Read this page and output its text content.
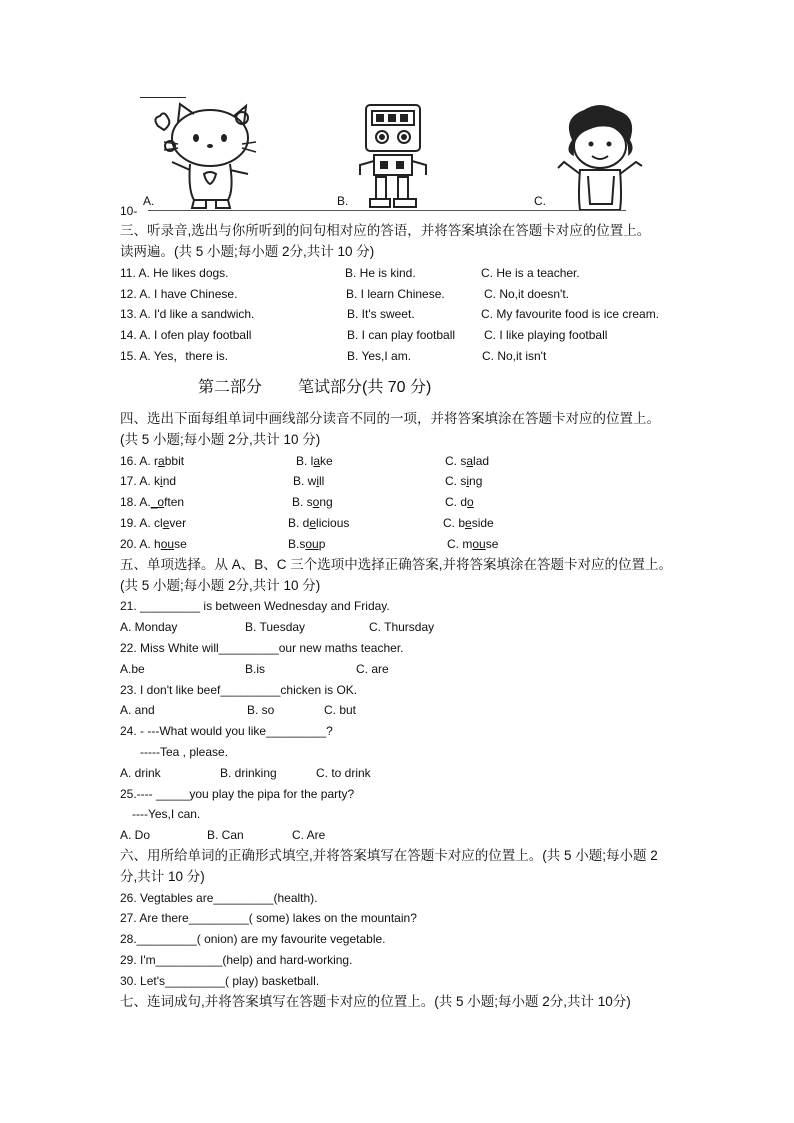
A.	B.	C.
10-
三、听录音,选出与你所听到的问句相对应的答语，并将答案填涂在答题卡对应的位置上。
读两遍。(共 5 小题;每小题 2分,共计 10 分)
11. A. He likes dogs.	B. He is kind.	C. He is a teacher.
12. A. I have Chinese.	B. I learn Chinese.	C. No,it doesn't.
13. A. I'd like a sandwich.	B. It's sweet.	C. My favourite food is ice cream.
14. A. I ofen play football	B. I can play football C. I like playing football
15. A. Yes，there is.	B. Yes,I am.	C. No,it isn't
第二部分 笔试部分(共 70 分)
四、选出下面每组单词中画线部分读音不同的一项，并将答案填涂在答题卡对应的位置上。
(共 5 小题;每小题 2分,共计 10 分)
16. A. rabbit	B. lake	C. salad
17. A. kind	B. will	C. sing
18. A._often	B. song	C. do
19. A. clever	B. delicious	C. beside
20. A. house	B.soup	C. mouse
五、单项选择。从 A、B、C 三个选项中选择正确答案,并将答案填涂在答题卡对应的位置上。
(共 5 小题;每小题 2分,共计 10 分)
21. _________ is between Wednesday and Friday.
A. Monday	B. Tuesday	C. Thursday
22. Miss White will_________our new maths teacher.
A.be	B.is	C. are
23. I don't like beef_________chicken is OK.
A. and	B. so	C. but
24. - ---What would you like_________?
-----Tea , please.
A. drink	B. drinking	C. to drink
25.---- _____you play the pipa for the party?
----Yes,I can.
A. Do	B. Can	C. Are
六、用所给单词的正确形式填空,并将答案填写在答题卡对应的位置上。(共 5 小题;每小题 2
分,共计 10 分)
26. Vegtables are_________(health).
27. Are there_________( some) lakes on the mountain?
28._________( onion) are my favourite vegetable.
29. I'm__________(help) and hard-working.
30. Let's_________( play) basketball.
七、连词成句,并将答案填写在答题卡对应的位置上。(共 5 小题;每小题 2分,共计 10分)
